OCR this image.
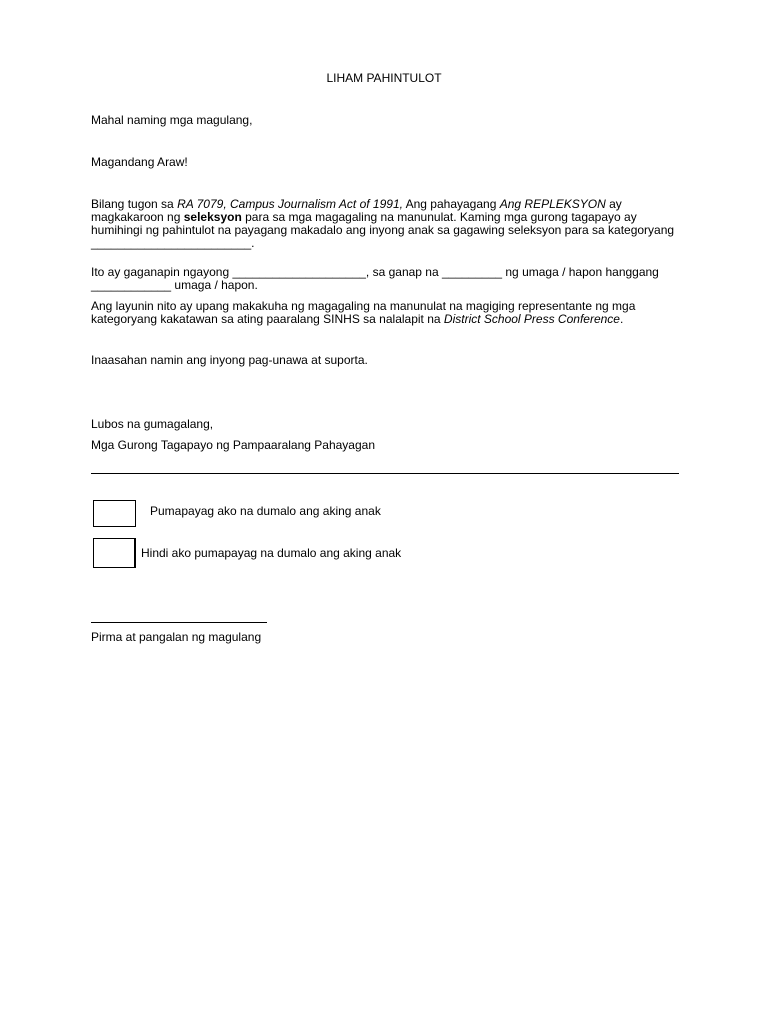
LIHAM PAHINTULOT

Mahal naming mga magulang,

Magandang Araw!

Bilang tugon sa RA 7079, Campus Journalism Act of 1991, Ang pahayagang Ang REPLEKSYON ay magkakaroon ng seleksyon para sa mga magagaling na manunulat. Kaming mga gurong tagapayo ay humihingi ng pahintulot na payagang makadalo ang inyong anak sa gagawing seleksyon para sa kategoryang ________________________.

Ito ay gaganapin ngayong ____________________, sa ganap na _________ ng umaga / hapon hanggang ____________ umaga / hapon.

Ang layunin nito ay upang makakuha ng magagaling na manunulat na magiging representante ng mga kategoryang kakatawan sa ating paaralang SINHS sa nalalapit na District School Press Conference.

Inaasahan namin ang inyong pag-unawa at suporta.

Lubos na gumagalang,

Mga Gurong Tagapayo ng Pampaaralang Pahayagan

Pumapayag ako na dumalo ang aking anak
Hindi ako pumapayag na dumalo ang aking anak
Pirma at pangalan ng magulang
